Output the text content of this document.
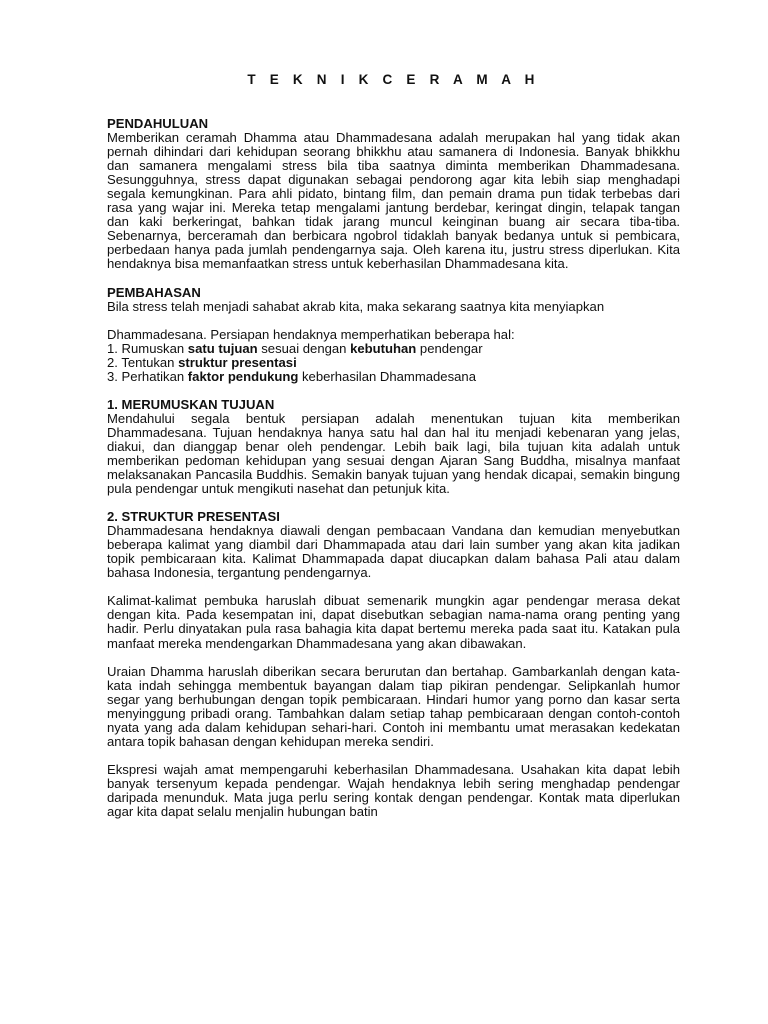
T E K N I K C E R A M A H

PENDAHULUAN

Memberikan ceramah Dhamma atau Dhammadesana adalah merupakan hal yang tidak akan pernah dihindari dari kehidupan seorang bhikkhu atau samanera di Indonesia. Banyak bhikkhu dan samanera mengalami stress bila tiba saatnya diminta memberikan Dhammadesana. Sesungguhnya, stress dapat digunakan sebagai pendorong agar kita lebih siap menghadapi segala kemungkinan. Para ahli pidato, bintang film, dan pemain drama pun tidak terbebas dari rasa yang wajar ini. Mereka tetap mengalami jantung berdebar, keringat dingin, telapak tangan dan kaki berkeringat, bahkan tidak jarang muncul keinginan buang air secara tiba-tiba. Sebenarnya, berceramah dan berbicara ngobrol tidaklah banyak bedanya untuk si pembicara, perbedaan hanya pada jumlah pendengarnya saja. Oleh karena itu, justru stress diperlukan. Kita hendaknya bisa memanfaatkan stress untuk keberhasilan Dhammadesana kita.

PEMBAHASAN

Bila stress telah menjadi sahabat akrab kita, maka sekarang saatnya kita menyiapkan

Dhammadesana. Persiapan hendaknya memperhatikan beberapa hal:

1. Rumuskan satu tujuan sesuai dengan kebutuhan pendengar

2. Tentukan struktur presentasi

3. Perhatikan faktor pendukung keberhasilan Dhammadesana

1. MERUMUSKAN TUJUAN

Mendahului segala bentuk persiapan adalah menentukan tujuan kita memberikan Dhammadesana. Tujuan hendaknya hanya satu hal dan hal itu menjadi kebenaran yang jelas, diakui, dan dianggap benar oleh pendengar. Lebih baik lagi, bila tujuan kita adalah untuk memberikan pedoman kehidupan yang sesuai dengan Ajaran Sang Buddha, misalnya manfaat melaksanakan Pancasila Buddhis. Semakin banyak tujuan yang hendak dicapai, semakin bingung pula pendengar untuk mengikuti nasehat dan petunjuk kita.

2. STRUKTUR PRESENTASI

Dhammadesana hendaknya diawali dengan pembacaan Vandana dan kemudian menyebutkan beberapa kalimat yang diambil dari Dhammapada atau dari lain sumber yang akan kita jadikan topik pembicaraan kita. Kalimat Dhammapada dapat diucapkan dalam bahasa Pali atau dalam bahasa Indonesia, tergantung pendengarnya.

Kalimat-kalimat pembuka haruslah dibuat semenarik mungkin agar pendengar merasa dekat dengan kita. Pada kesempatan ini, dapat disebutkan sebagian nama-nama orang penting yang hadir. Perlu dinyatakan pula rasa bahagia kita dapat bertemu mereka pada saat itu. Katakan pula manfaat mereka mendengarkan Dhammadesana yang akan dibawakan.

Uraian Dhamma haruslah diberikan secara berurutan dan bertahap. Gambarkanlah dengan kata-kata indah sehingga membentuk bayangan dalam tiap pikiran pendengar. Selipkanlah humor segar yang berhubungan dengan topik pembicaraan. Hindari humor yang porno dan kasar serta menyinggung pribadi orang. Tambahkan dalam setiap tahap pembicaraan dengan contoh-contoh nyata yang ada dalam kehidupan sehari-hari. Contoh ini membantu umat merasakan kedekatan antara topik bahasan dengan kehidupan mereka sendiri.

Ekspresi wajah amat mempengaruhi keberhasilan Dhammadesana. Usahakan kita dapat lebih banyak tersenyum kepada pendengar. Wajah hendaknya lebih sering menghadap pendengar daripada menunduk. Mata juga perlu sering kontak dengan pendengar. Kontak mata diperlukan agar kita dapat selalu menjalin hubungan batin
